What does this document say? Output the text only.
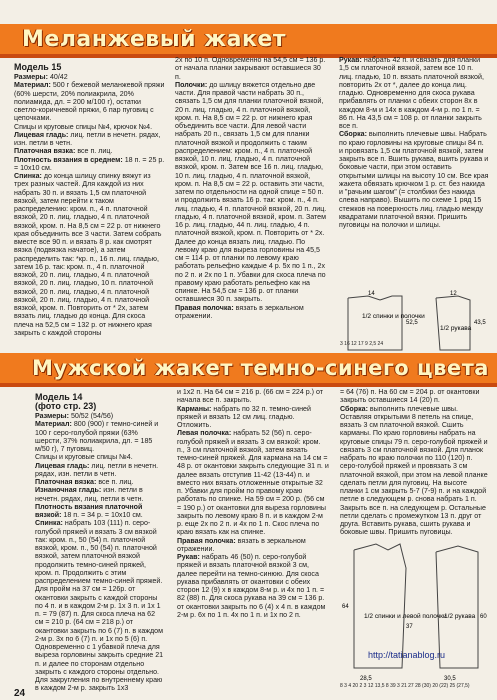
Меланжевый жакет

Модель 15

Размеры: 40/42

Материал: 500 г бежевой меланжевой пряжи (60% шерсти, 20% полиакрила, 20% полиамида, дл. = 200 м/100 г), остатки светло-коричневой пряжи, 6 пар пуговиц с цепочками.

Спицы и круговые спицы №4, крючок №4.

Лицевая гладь: лиц. петли в нечетн. рядах, изн. петли в четн.

Платочная вязка: все п. лиц.

Плотность вязания в среднем: 18 п. = 25 р. = 10х10 см.

Спинка: до конца шлицу спинку вяжут из трех разных частей. Для каждой из них набрать 30 п. и вязать 1,5 см платочной вязкой, затем перейти к таком распределению: кром. п., 4 п. платочной вязкой, 20 п. лиц. гладью, 4 п. платочной вязкой, кром. п. На 8,5 см = 22 р. от нижнего края объединить все 3 части. Затем собрать вместе все 90 п. и вязать 8 р. как смотрят вязка (подвязка начатое), а затем распределить так: *кр. п., 16 п. лиц. гладью, затем 16 р. так: кром. п., 4 п. платочной вязкой, 20 п. лиц. гладью, 4 п. платочной вязкой, 20 п. лиц. гладью, 10 п. платочной вязкой, 20 п. лиц. гладью, 4 п. платочной вязкой, 20 п. лиц. гладью, 4 п. платочной вязкой, кром. п. Повторить от * 2х, затем вязать лиц. гладью до конца. Для скоса плеча на 52,5 см = 132 р. от нижнего края закрыть с каждой стороны

2х по 10 п. Одновременно на 54,5 см = 136 р. от начала планки закрывают оставшиеся 30 п.

Полочки: до шлицу вяжется отдельно две части. Для правой части набрать 30 п., связать 1,5 см для планки платочной вязкой, 20 п. лиц. гладью, 4 п. платочной вязкой, кром. п. На 8,5 см = 22 р. от нижнего края объединить все части. Для левой части набрать 20 п., связать 1,5 см для планки платочной вязкой и продолжить с таким распределением: кром. п., 4 п. платочной вязкой, 10 п. лиц. гладью, 4 п. платочной вязкой, кром. п. Затем все 16 п. лиц. гладью, 10 п. лиц. гладью, 4 п. платочной вязкой, кром. п. На 8,5 см = 22 р. оставить эти части, затем по отдельности на одной спице = 50 п. и продолжить вязать 16 р. так: кром. п., 4 п. лиц. гладью, 4 п. платочной вязкой, 20 п. лиц. гладью, 4 п. платочной вязкой, кром. п. Затем 16 р. лиц. гладью, 44 п. лиц. гладью, 4 п. платочной вязкой, кром. п. Повторить от * 2х. Далее до конца вязать лиц. гладью. По левому краю для выреза горловины на 45,5 см = 114 р. от планки по левому краю работать рельефно каждые 4 р. 5х по 1 п., 2х по 2 п. и 2х по 1 п. Убавки для скоса плеча по правому краю работать рельефно как на спинке. На 54,5 см = 136 р. от планки оставшиеся 30 п. закрыть.

Правая полочка: вязать в зеркальном отражении.

Рукав: набрать 42 п. и связать для планки 1,5 см платочной вязкой, затем все 10 п. лиц. гладью, 10 п. вязать платочной вязкой, повторить 2х от *, далее до конца лиц. гладью. Одновременно для скоса рукава прибавлять от планки с обеих сторон 8х в каждом 8-м и 14х в каждом 4-м р. по 1 п. = 86 п. На 43,5 см = 108 р. от планки закрыть все п.

Сборка: выполнить плечевые швы. Набрать по краю горловины на круговые спицы 84 п. и провязать 1,5 см платочной вязкой, затем закрыть все п. Вшить рукава, вшить рукава и боковые части, при этом оставить открытыми шлицы на высоту 10 см. Все края жакета обвязать крючком 1 р. ст. без накида и "рачьим шагом" (= столбики без накида слева направо). Вышить по схеме 1 ряд 15 стежков на поверхность лиц. гладью между квадратами платочной вязки. Пришить пуговицы на полочки и шлицы.

1/2 спинки и полочки
1/2 рукава
52,5	43,5
14	12
Мужской жакет темно-синего цвета

Модель 14

(фото стр. 23)

Размеры: 50/52 (54/56)

Материал: 800 (900) г темно-синей и 100 г серо-голубой пряжи (63% шерсти, 37% полиакрила, дл. = 185 м/50 г), 7 пуговиц.

Спицы и круговые спицы №4.

Лицевая гладь: лиц. петли в нечетн. рядах, изн. петли в четн.

Платочная вязка: все п. лиц.

Изнаночная гладь: изн. петли в нечетн. рядах, лиц. петли в четн.

Плотность вязания платочной вязкой: 18 п. = 34 р. = 10х10 см.

Спинка: набрать 103 (111) п. серо-голубой пряжей и вязать 3 см вязкой так: кром. п., 50 (54) п. платочной вязкой, кром. п., 50 (54) п. платочной вязкой, затем платочной вязкой продолжить темно-синей пряжей, кром. п. Продолжить с этим распределением темно-синей пряжей. Для пройм на 37 см = 126р. от окантовки закрыть с каждой стороны по 4 п. и в каждом 2-м р. 1х 3 п. и 1х 1 п. = 79 (87) п. Для скоса плеча на 62 см = 210 р. (64 см = 218 р.) от окантовки закрыть по 6 (7) п. в каждом 2-м р. 3х по 6 (7) п. и 1х по 5 (6) п. Одновременно с 1 убавкой плеча для выреза горловины закрыть средние 21 п. и далее по сторонам отдельно закрыть с каждого стороны отдельно. Для закругления по внутреннему краю в каждом 2-м р. закрыть 1х3

и 1х2 п. На 64 см = 216 р. (66 см = 224 р.) от начала все п. закрыть.

Карманы: набрать по 32 п. темно-синей пряжей и вязать 12 см лиц. гладью. Отложить.

Левая полочка: набрать 52 (56) п. серо-голубой пряжей и вязать 3 см вязкой: кром. п., 3 см платочной вязкой, затем вязать темно-синей пряжей. Для кармана на 14 см = 48 р. от окантовки закрыть следующие 31 п. и далее вязать отступив 11-42 (13-44) п. и вместо них вязать отложенные открытые 32 п. Убавки для пройм по правому краю работать по спинке. На 59 см = 200 р. (56 см = 190 р.) от окантовки для выреза горловины закрыть по левому краю 8 п. и в каждом 2-м р. еще 2х по 2 п. и 4х по 1 п. Скос плеча по краю вязать как на спинке.

Правая полочка: вязать в зеркальном отражении.

Рукав: набрать 46 (50) п. серо-голубой пряжей и вязать платочной вязкой 3 см, далее перейти на темно-синюю. Для скоса рукава прибавлять от окантовки с обеих сторон 12 (9) х в каждом 8-м р. и 4х по 1 п. = 82 (88) п. Для скоса рукава на 39 см = 136 р. от окантовки закрыть по 6 (4) х 4 п. в каждом 2-м р. 6х по 1 п. 4х по 1 п. и 1х по 2 п.

= 64 (76) п. На 60 см = 204 р. от окантовки закрыть оставшиеся 14 (20) п.

Сборка: выполнить плечевые швы. Оставляя открытыми 8 петель на спице, вязать 3 см платочной вязкой. Сшить карманы. По краю горловины набрать на круговые спицы 79 п. серо-голубой пряжей и связать 3 см платочной вязкой. Для планок набрать по краю полочки по 110 (120) п. серо-голубой пряжей и провязать 3 см платочной вязкой, при этом на левой планке сделать петли для пуговиц. На высоте планки 1 см закрыть 5-7 (7-9) п. и на каждой петле в следующем р. снова набрать 1 п. Закрыть все п. на следующем р. Остальные петли сделать с промежутком 13 п. друг от друга. Вставить рукава, сшить рукава и боковые швы. Пришить пуговицы.

1/2 спинки и левой полочки
1/2 рукава
64
37
28,5	30,5
60
24
http://tatianablog.ru
3 16 12 17 9 2,5 24
8 3 4 20 2 3 12 13,5 8 39 3 21 27 28 (30) 20 (22) 25 (27,5)
